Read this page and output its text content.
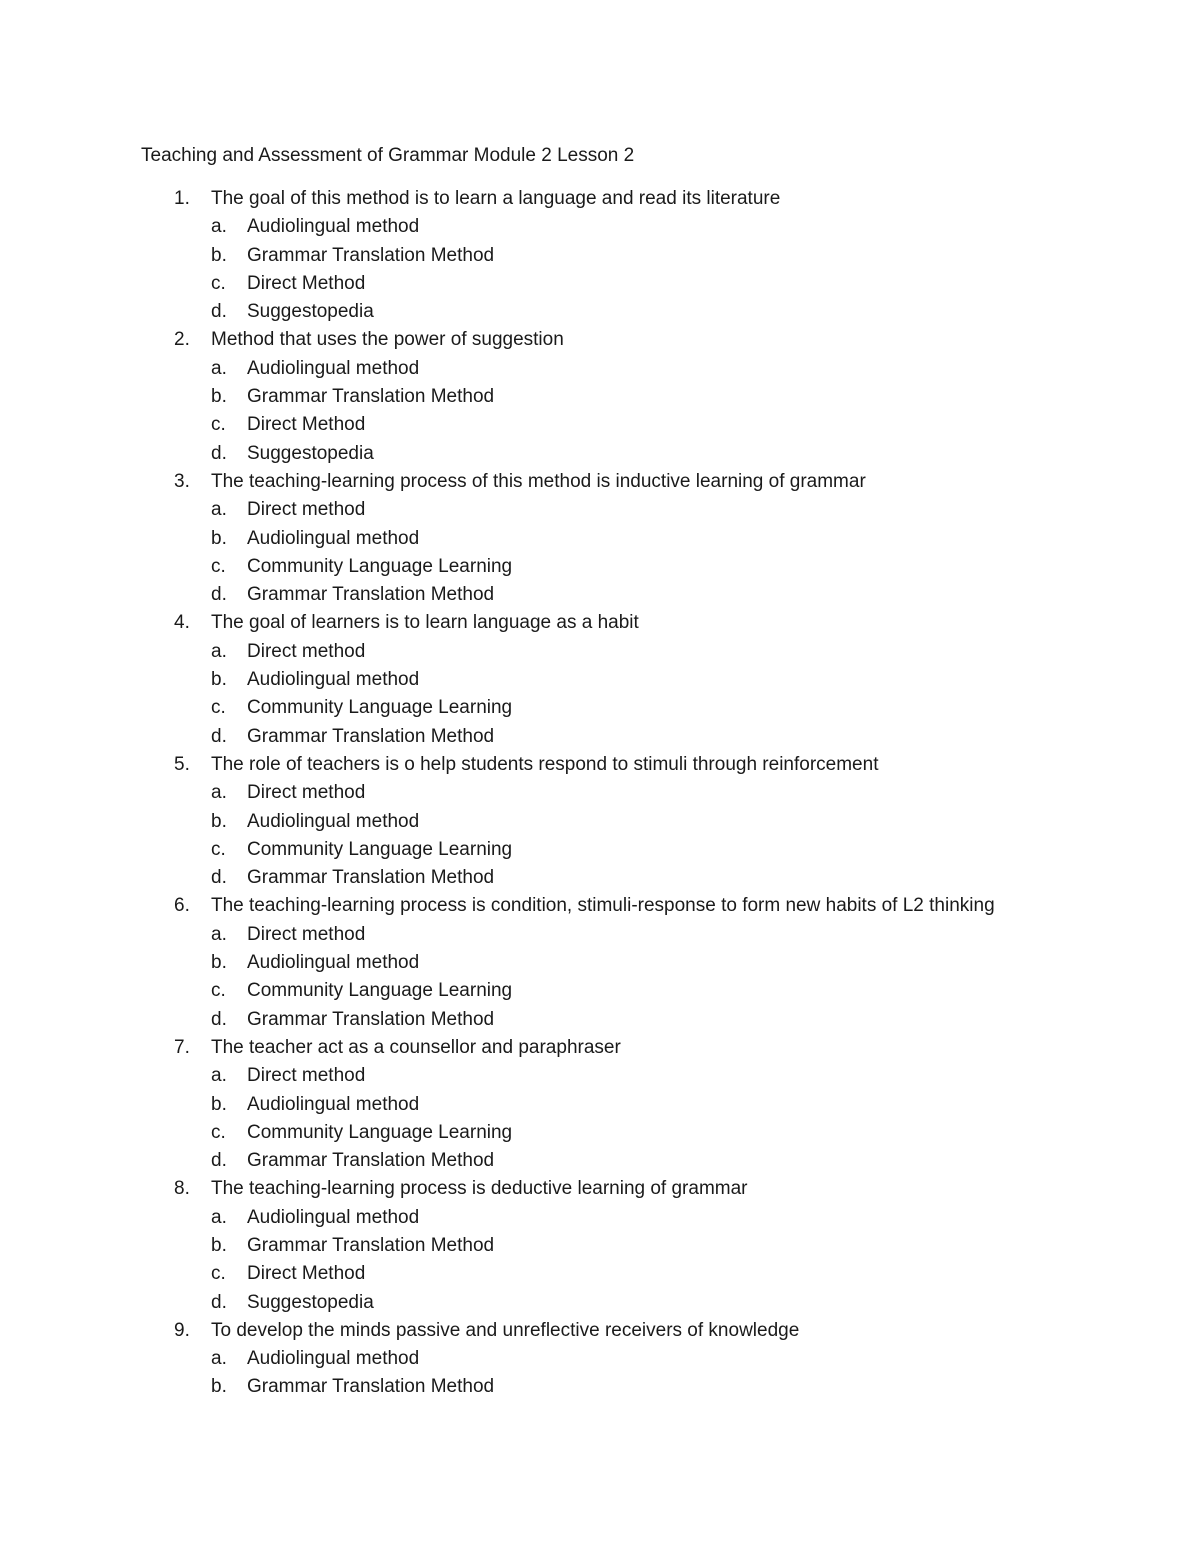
Teaching and Assessment of Grammar Module 2 Lesson 2
1. The goal of this method is to learn a language and read its literature
a. Audiolingual method
b. Grammar Translation Method
c. Direct Method
d. Suggestopedia
2. Method that uses the power of suggestion
a. Audiolingual method
b. Grammar Translation Method
c. Direct Method
d. Suggestopedia
3. The teaching-learning process of this method is inductive learning of grammar
a. Direct method
b. Audiolingual method
c. Community Language Learning
d. Grammar Translation Method
4. The goal of learners is to learn language as a habit
a. Direct method
b. Audiolingual method
c. Community Language Learning
d. Grammar Translation Method
5. The role of teachers is o help students respond to stimuli through reinforcement
a. Direct method
b. Audiolingual method
c. Community Language Learning
d. Grammar Translation Method
6. The teaching-learning process is condition, stimuli-response to form new habits of L2 thinking
a. Direct method
b. Audiolingual method
c. Community Language Learning
d. Grammar Translation Method
7. The teacher act as a counsellor and paraphraser
a. Direct method
b. Audiolingual method
c. Community Language Learning
d. Grammar Translation Method
8. The teaching-learning process is deductive learning of grammar
a. Audiolingual method
b. Grammar Translation Method
c. Direct Method
d. Suggestopedia
9. To develop the minds passive and unreflective receivers of knowledge
a. Audiolingual method
b. Grammar Translation Method
